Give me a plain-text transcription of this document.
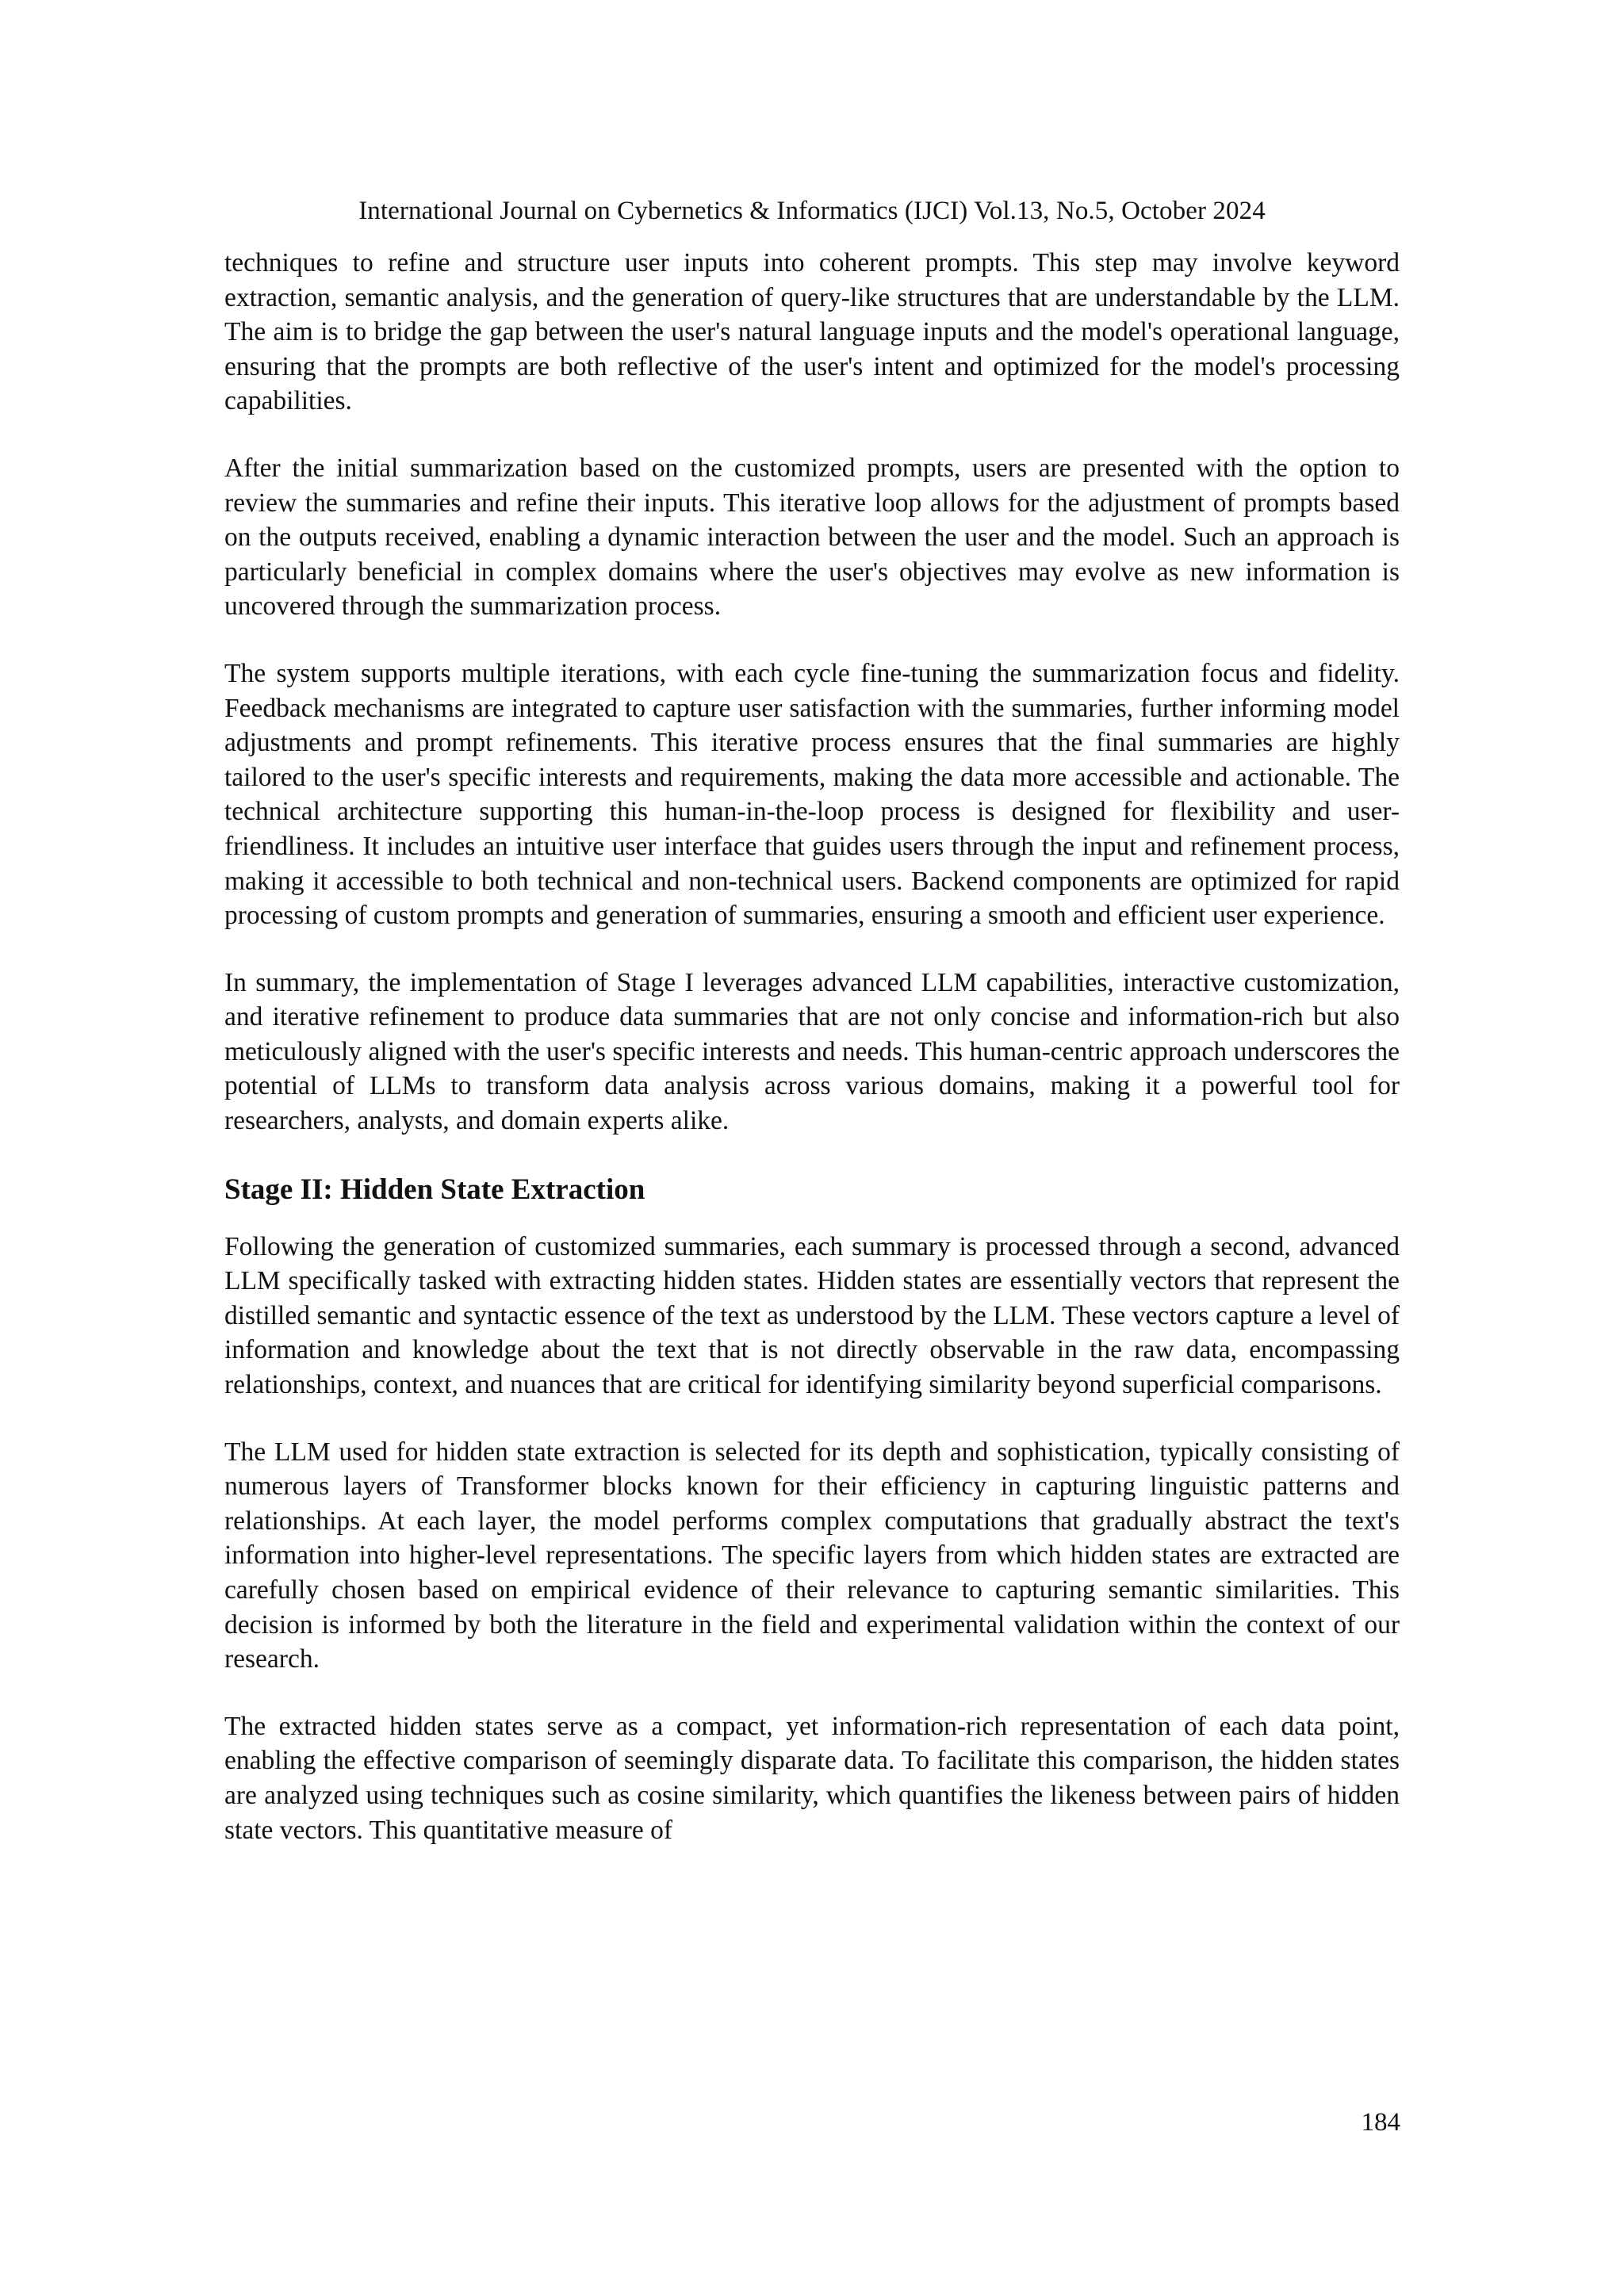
International Journal on Cybernetics & Informatics (IJCI) Vol.13, No.5, October 2024

techniques to refine and structure user inputs into coherent prompts. This step may involve keyword extraction, semantic analysis, and the generation of query-like structures that are understandable by the LLM. The aim is to bridge the gap between the user's natural language inputs and the model's operational language, ensuring that the prompts are both reflective of the user's intent and optimized for the model's processing capabilities.

After the initial summarization based on the customized prompts, users are presented with the option to review the summaries and refine their inputs. This iterative loop allows for the adjustment of prompts based on the outputs received, enabling a dynamic interaction between the user and the model. Such an approach is particularly beneficial in complex domains where the user's objectives may evolve as new information is uncovered through the summarization process.

The system supports multiple iterations, with each cycle fine-tuning the summarization focus and fidelity. Feedback mechanisms are integrated to capture user satisfaction with the summaries, further informing model adjustments and prompt refinements. This iterative process ensures that the final summaries are highly tailored to the user's specific interests and requirements, making the data more accessible and actionable. The technical architecture supporting this human-in-the-loop process is designed for flexibility and user-friendliness. It includes an intuitive user interface that guides users through the input and refinement process, making it accessible to both technical and non-technical users. Backend components are optimized for rapid processing of custom prompts and generation of summaries, ensuring a smooth and efficient user experience.

In summary, the implementation of Stage I leverages advanced LLM capabilities, interactive customization, and iterative refinement to produce data summaries that are not only concise and information-rich but also meticulously aligned with the user's specific interests and needs. This human-centric approach underscores the potential of LLMs to transform data analysis across various domains, making it a powerful tool for researchers, analysts, and domain experts alike.

Stage II: Hidden State Extraction

Following the generation of customized summaries, each summary is processed through a second, advanced LLM specifically tasked with extracting hidden states. Hidden states are essentially vectors that represent the distilled semantic and syntactic essence of the text as understood by the LLM. These vectors capture a level of information and knowledge about the text that is not directly observable in the raw data, encompassing relationships, context, and nuances that are critical for identifying similarity beyond superficial comparisons.

The LLM used for hidden state extraction is selected for its depth and sophistication, typically consisting of numerous layers of Transformer blocks known for their efficiency in capturing linguistic patterns and relationships. At each layer, the model performs complex computations that gradually abstract the text's information into higher-level representations. The specific layers from which hidden states are extracted are carefully chosen based on empirical evidence of their relevance to capturing semantic similarities. This decision is informed by both the literature in the field and experimental validation within the context of our research.

The extracted hidden states serve as a compact, yet information-rich representation of each data point, enabling the effective comparison of seemingly disparate data. To facilitate this comparison, the hidden states are analyzed using techniques such as cosine similarity, which quantifies the likeness between pairs of hidden state vectors. This quantitative measure of

184
